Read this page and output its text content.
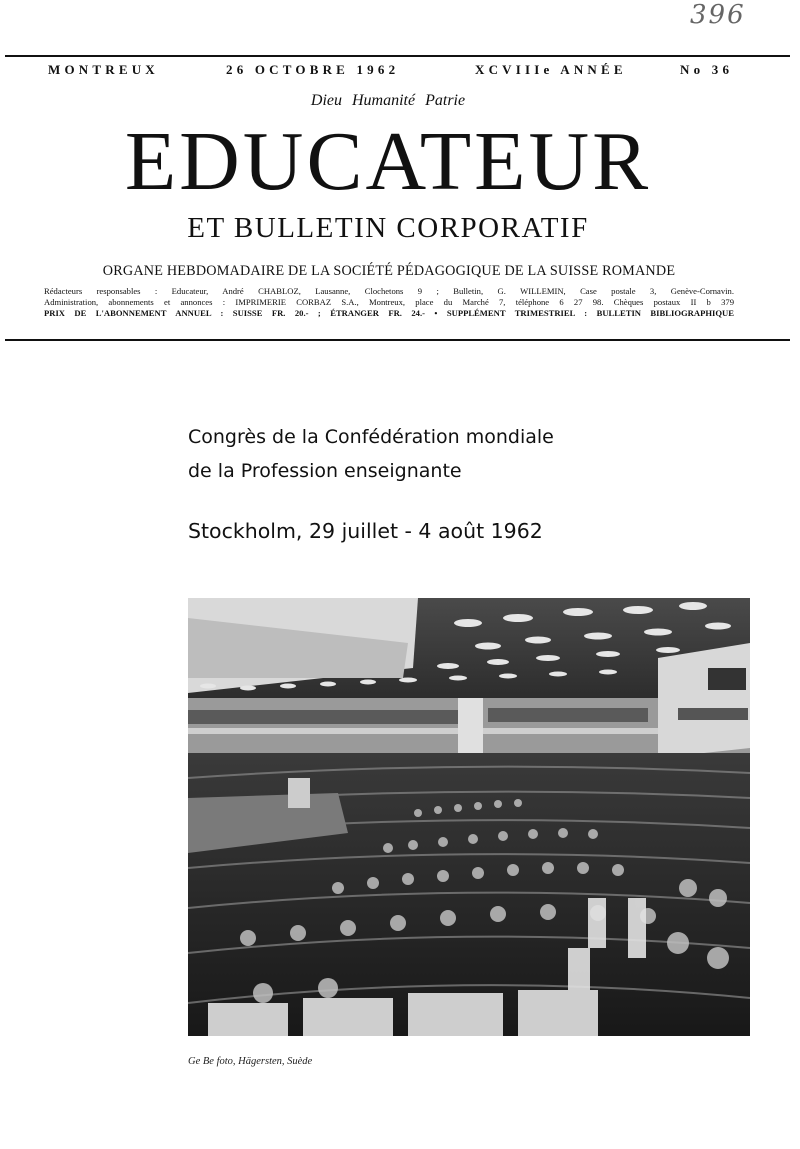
396
MONTREUX	26 OCTOBRE 1962	XCVIIIe ANNÉE	No 36
Dieu Humanité Patrie
EDUCATEUR
ET BULLETIN CORPORATIF
ORGANE HEBDOMADAIRE DE LA SOCIÉTÉ PÉDAGOGIQUE DE LA SUISSE ROMANDE
Rédacteurs responsables : Educateur, André CHABLOZ, Lausanne, Clochetons 9 ; Bulletin, G. WILLEMIN, Case postale 3, Genève-Cornavin.
Administration, abonnements et annonces : IMPRIMERIE CORBAZ S.A., Montreux, place du Marché 7, téléphone 6 27 98. Chèques postaux II b 379
PRIX DE L'ABONNEMENT ANNUEL : SUISSE FR. 20.- ; ÉTRANGER FR. 24.- • SUPPLÉMENT TRIMESTRIEL : BULLETIN BIBLIOGRAPHIQUE
Congrès de la Confédération mondiale
de la Profession enseignante
Stockholm, 29 juillet - 4 août 1962
Ge Be foto, Hägersten, Suède
